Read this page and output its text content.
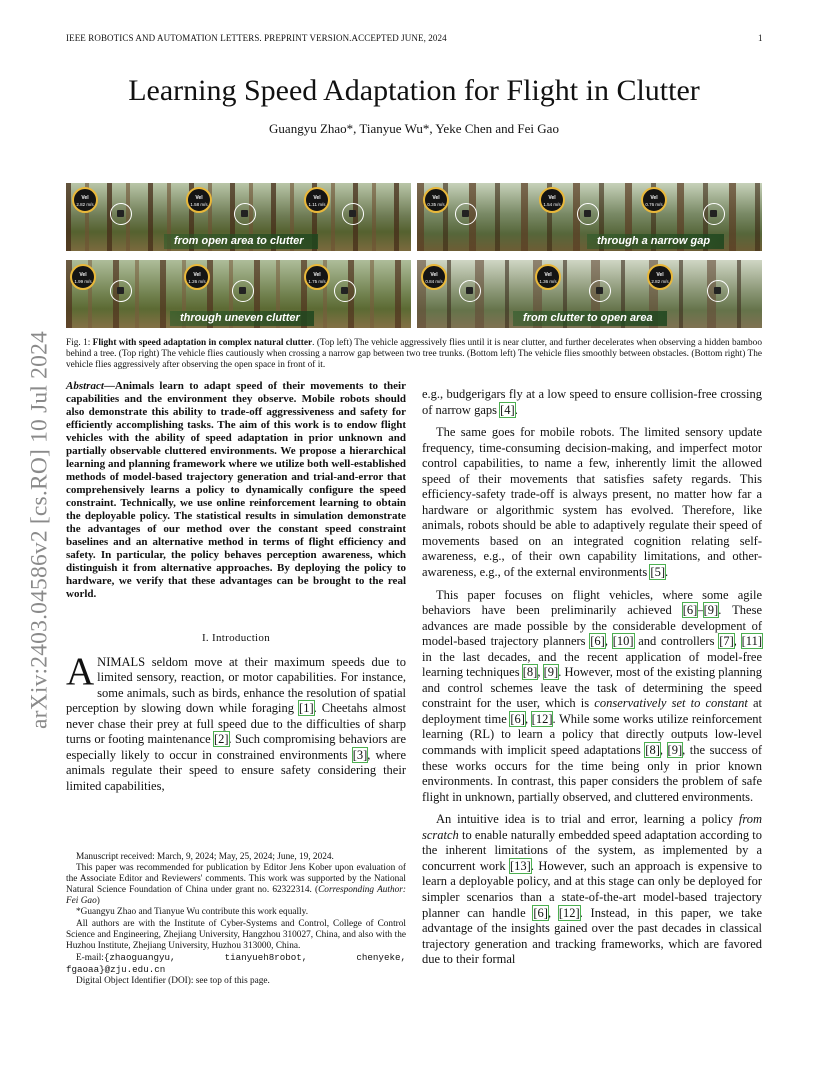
IEEE ROBOTICS AND AUTOMATION LETTERS. PREPRINT VERSION.ACCEPTED JUNE, 2024	1
arXiv:2403.04586v2 [cs.RO] 10 Jul 2024
Learning Speed Adaptation for Flight in Clutter
Guangyu Zhao*, Tianyue Wu*, Yeke Chen and Fei Gao
Vel
2.82 m/s
Vel
1.58 m/s
Vel
1.11 m/s
from open area to clutter
Vel
0.35 m/s
Vel
1.54 m/s
Vel
0.76 m/s
through a narrow gap
Vel
1.99 m/s
Vel
1.26 m/s
Vel
1.75 m/s
through uneven clutter
Vel
0.84 m/s
Vel
1.36 m/s
Vel
2.82 m/s
from clutter to open area
Fig. 1: Flight with speed adaptation in complex natural clutter. (Top left) The vehicle aggressively flies until it is near clutter, and further decelerates when observing a hidden bamboo behind a tree. (Top right) The vehicle flies cautiously when crossing a narrow gap between two tree trunks. (Bottom left) The vehicle flies smoothly between obstacles. (Bottom right) The vehicle flies aggressively after observing the open space in front of it.

Abstract—Animals learn to adapt speed of their movements to their capabilities and the environment they observe. Mobile robots should also demonstrate this ability to trade-off aggressiveness and safety for efficiently accomplishing tasks. The aim of this work is to endow flight vehicles with the ability of speed adaptation in prior unknown and partially observable cluttered environments. We propose a hierarchical learning and planning framework where we utilize both well-established methods of model-based trajectory generation and trial-and-error that comprehensively learns a policy to dynamically configure the speed constraint. Technically, we use online reinforcement learning to obtain the deployable policy. The statistical results in simulation demonstrate the advantages of our method over the constant speed constraint baselines and an alternative method in terms of flight efficiency and safety. In particular, the policy behaves perception awareness, which distinguish it from alternative approaches. By deploying the policy to hardware, we verify that these advantages can be brought to the real world.

I. Introduction

ANIMALS seldom move at their maximum speeds due to limited sensory, reaction, or motor capabilities. For instance, some animals, such as birds, enhance the resolution of spatial perception by slowing down while foraging [ 1 ] . Cheetahs almost never chase their prey at full speed due to the difficulties of sharp turns or footing maintenance [ 2 ] . Such compromising behaviors are especially likely to occur in constrained environments [ 3 ] , where animals regulate their speed to ensure safety considering their limited capabilities,

Manuscript received: March, 9, 2024; May, 25, 2024; June, 19, 2024.

This paper was recommended for publication by Editor Jens Kober upon evaluation of the Associate Editor and Reviewers' comments. This work was supported by the National Natural Science Foundation of China under grant no. 62322314. (Corresponding Author: Fei Gao)

*Guangyu Zhao and Tianyue Wu contribute this work equally.

All authors are with the Institute of Cyber-Systems and Control, College of Control Science and Engineering, Zhejiang University, Hangzhou 310027, China, and also with the Huzhou Institute, Zhejiang University, Huzhou 313000, China.

E-mail:{zhaoguangyu, tianyueh8robot, chenyeke, fgaoaa}@zju.edu.cn

Digital Object Identifier (DOI): see top of this page.

e.g., budgerigars fly at a low speed to ensure collision-free crossing of narrow gaps [ 4 ] .

The same goes for mobile robots. The limited sensory update frequency, time-consuming decision-making, and imperfect motor control capabilities, to name a few, inherently limit the allowed speed of their movements that satisfies safety regards. This efficiency-safety trade-off is always present, no matter how far a hardware or algorithmic system has evolved. Therefore, like animals, robots should be able to adaptively regulate their speed of movements based on an integrated cognition relating self-awareness, e.g., of their own capability limitations, and other-awareness, e.g., of the external environments [ 5 ] .

This paper focuses on flight vehicles, where some agile behaviors have been preliminarily achieved [ 6 ] –[ 9 ] . These advances are made possible by the considerable development of model-based trajectory planners [ 6 ] , [ 10 ] and controllers [ 7 ] , [ 11 ] in the last decades, and the recent application of model-free learning techniques [ 8 ] , [ 9 ] . However, most of the existing planning and control schemes leave the task of determining the speed constraint for the user, which is conservatively set to constant at deployment time [ 6 ] , [ 12 ] . While some works utilize reinforcement learning (RL) to learn a policy that directly outputs low-level commands with implicit speed adaptations [ 8 ] , [ 9 ] , the success of these works occurs for the time being only in prior known environments. In contrast, this paper considers the problem of safe flight in unknown, partially observed, and cluttered environments.

An intuitive idea is to trial and error, learning a policy from scratch to enable naturally embedded speed adaptation according to the inherent limitations of the system, as implemented by a concurrent work [ 13 ] . However, such an approach is expensive to learn a deployable policy, and at this stage can only be deployed for simpler scenarios than a state-of-the-art model-based trajectory planner can handle [ 6 ] , [ 12 ] . Instead, in this paper, we take advantage of the insights gained over the past decades in classical trajectory generation and tracking frameworks, which are favored due to their formal
